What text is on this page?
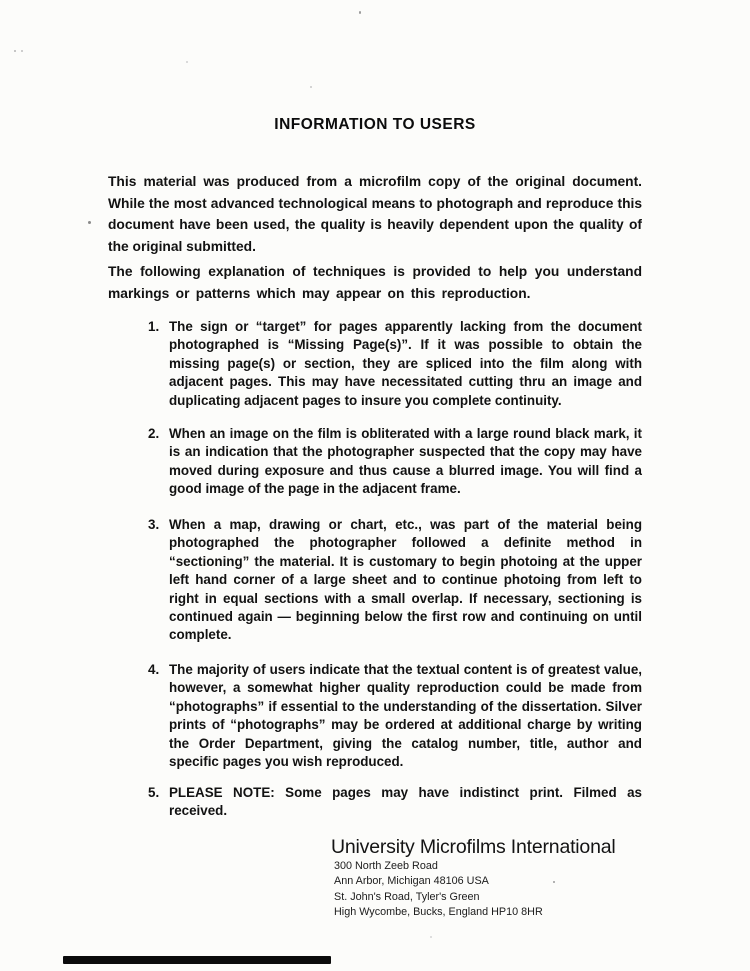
INFORMATION TO USERS
This material was produced from a microfilm copy of the original document. While the most advanced technological means to photograph and reproduce this document have been used, the quality is heavily dependent upon the quality of the original submitted.
The following explanation of techniques is provided to help you understand markings or patterns which may appear on this reproduction.
1. The sign or “target” for pages apparently lacking from the document photographed is “Missing Page(s)”. If it was possible to obtain the missing page(s) or section, they are spliced into the film along with adjacent pages. This may have necessitated cutting thru an image and duplicating adjacent pages to insure you complete continuity.
2. When an image on the film is obliterated with a large round black mark, it is an indication that the photographer suspected that the copy may have moved during exposure and thus cause a blurred image. You will find a good image of the page in the adjacent frame.
3. When a map, drawing or chart, etc., was part of the material being photographed the photographer followed a definite method in “sectioning” the material. It is customary to begin photoing at the upper left hand corner of a large sheet and to continue photoing from left to right in equal sections with a small overlap. If necessary, sectioning is continued again — beginning below the first row and continuing on until complete.
4. The majority of users indicate that the textual content is of greatest value, however, a somewhat higher quality reproduction could be made from “photographs” if essential to the understanding of the dissertation. Silver prints of “photographs” may be ordered at additional charge by writing the Order Department, giving the catalog number, title, author and specific pages you wish reproduced.
5. PLEASE NOTE: Some pages may have indistinct print. Filmed as received.
University Microfilms International
300 North Zeeb Road
Ann Arbor, Michigan 48106 USA
St. John's Road, Tyler's Green
High Wycombe, Bucks, England HP10 8HR
